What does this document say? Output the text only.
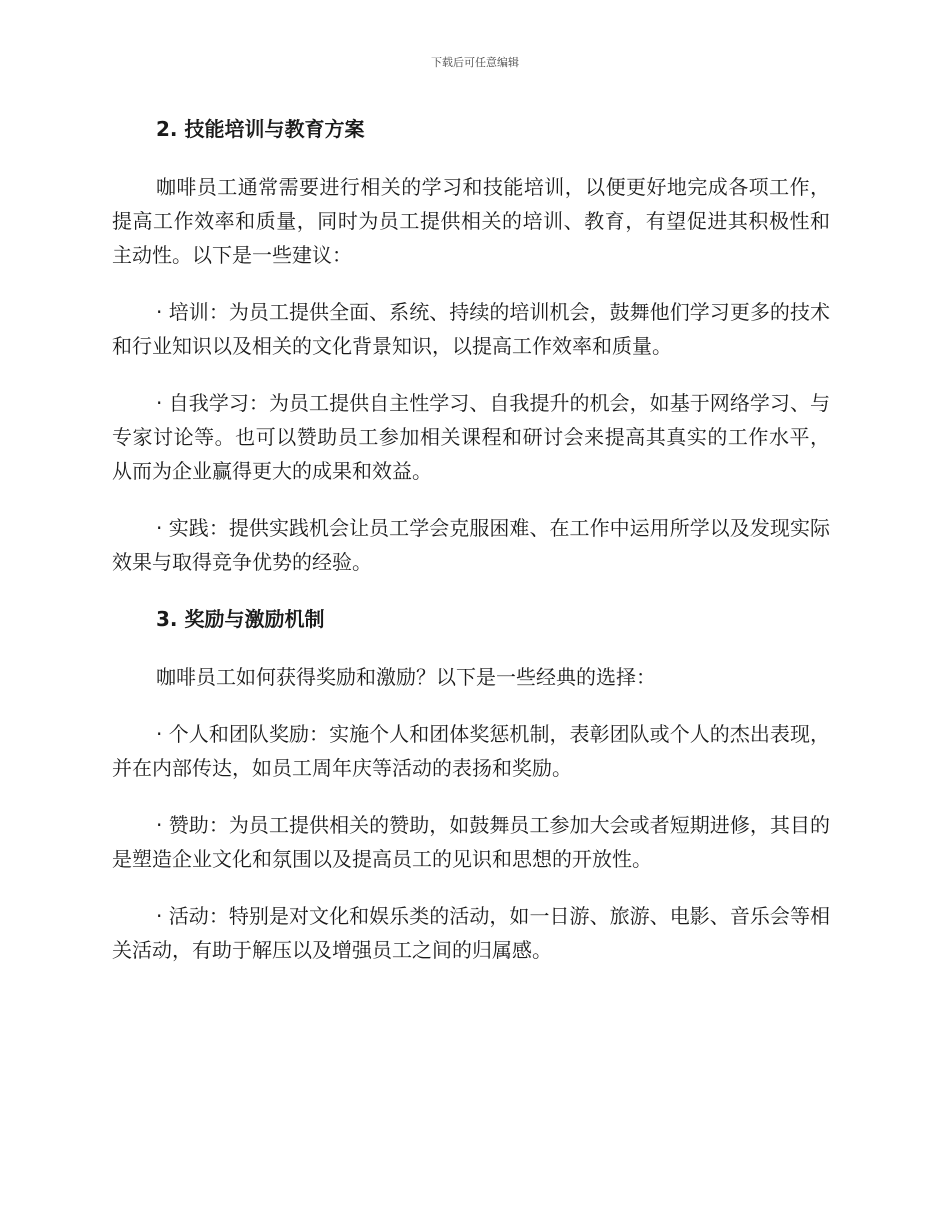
下载后可任意编辑
2. 技能培训与教育方案

咖啡员工通常需要进行相关的学习和技能培训，以便更好地完成各项工作，提高工作效率和质量，同时为员工提供相关的培训、教育，有望促进其积极性和主动性。以下是一些建议：

· 培训：为员工提供全面、系统、持续的培训机会，鼓舞他们学习更多的技术和行业知识以及相关的文化背景知识，以提高工作效率和质量。

· 自我学习：为员工提供自主性学习、自我提升的机会，如基于网络学习、与专家讨论等。也可以赞助员工参加相关课程和研讨会来提高其真实的工作水平，从而为企业赢得更大的成果和效益。

· 实践：提供实践机会让员工学会克服困难、在工作中运用所学以及发现实际效果与取得竞争优势的经验。

3. 奖励与激励机制

咖啡员工如何获得奖励和激励？以下是一些经典的选择：

· 个人和团队奖励：实施个人和团体奖惩机制，表彰团队或个人的杰出表现，并在内部传达，如员工周年庆等活动的表扬和奖励。

· 赞助：为员工提供相关的赞助，如鼓舞员工参加大会或者短期进修，其目的是塑造企业文化和氛围以及提高员工的见识和思想的开放性。

· 活动：特别是对文化和娱乐类的活动，如一日游、旅游、电影、音乐会等相关活动，有助于解压以及增强员工之间的归属感。
